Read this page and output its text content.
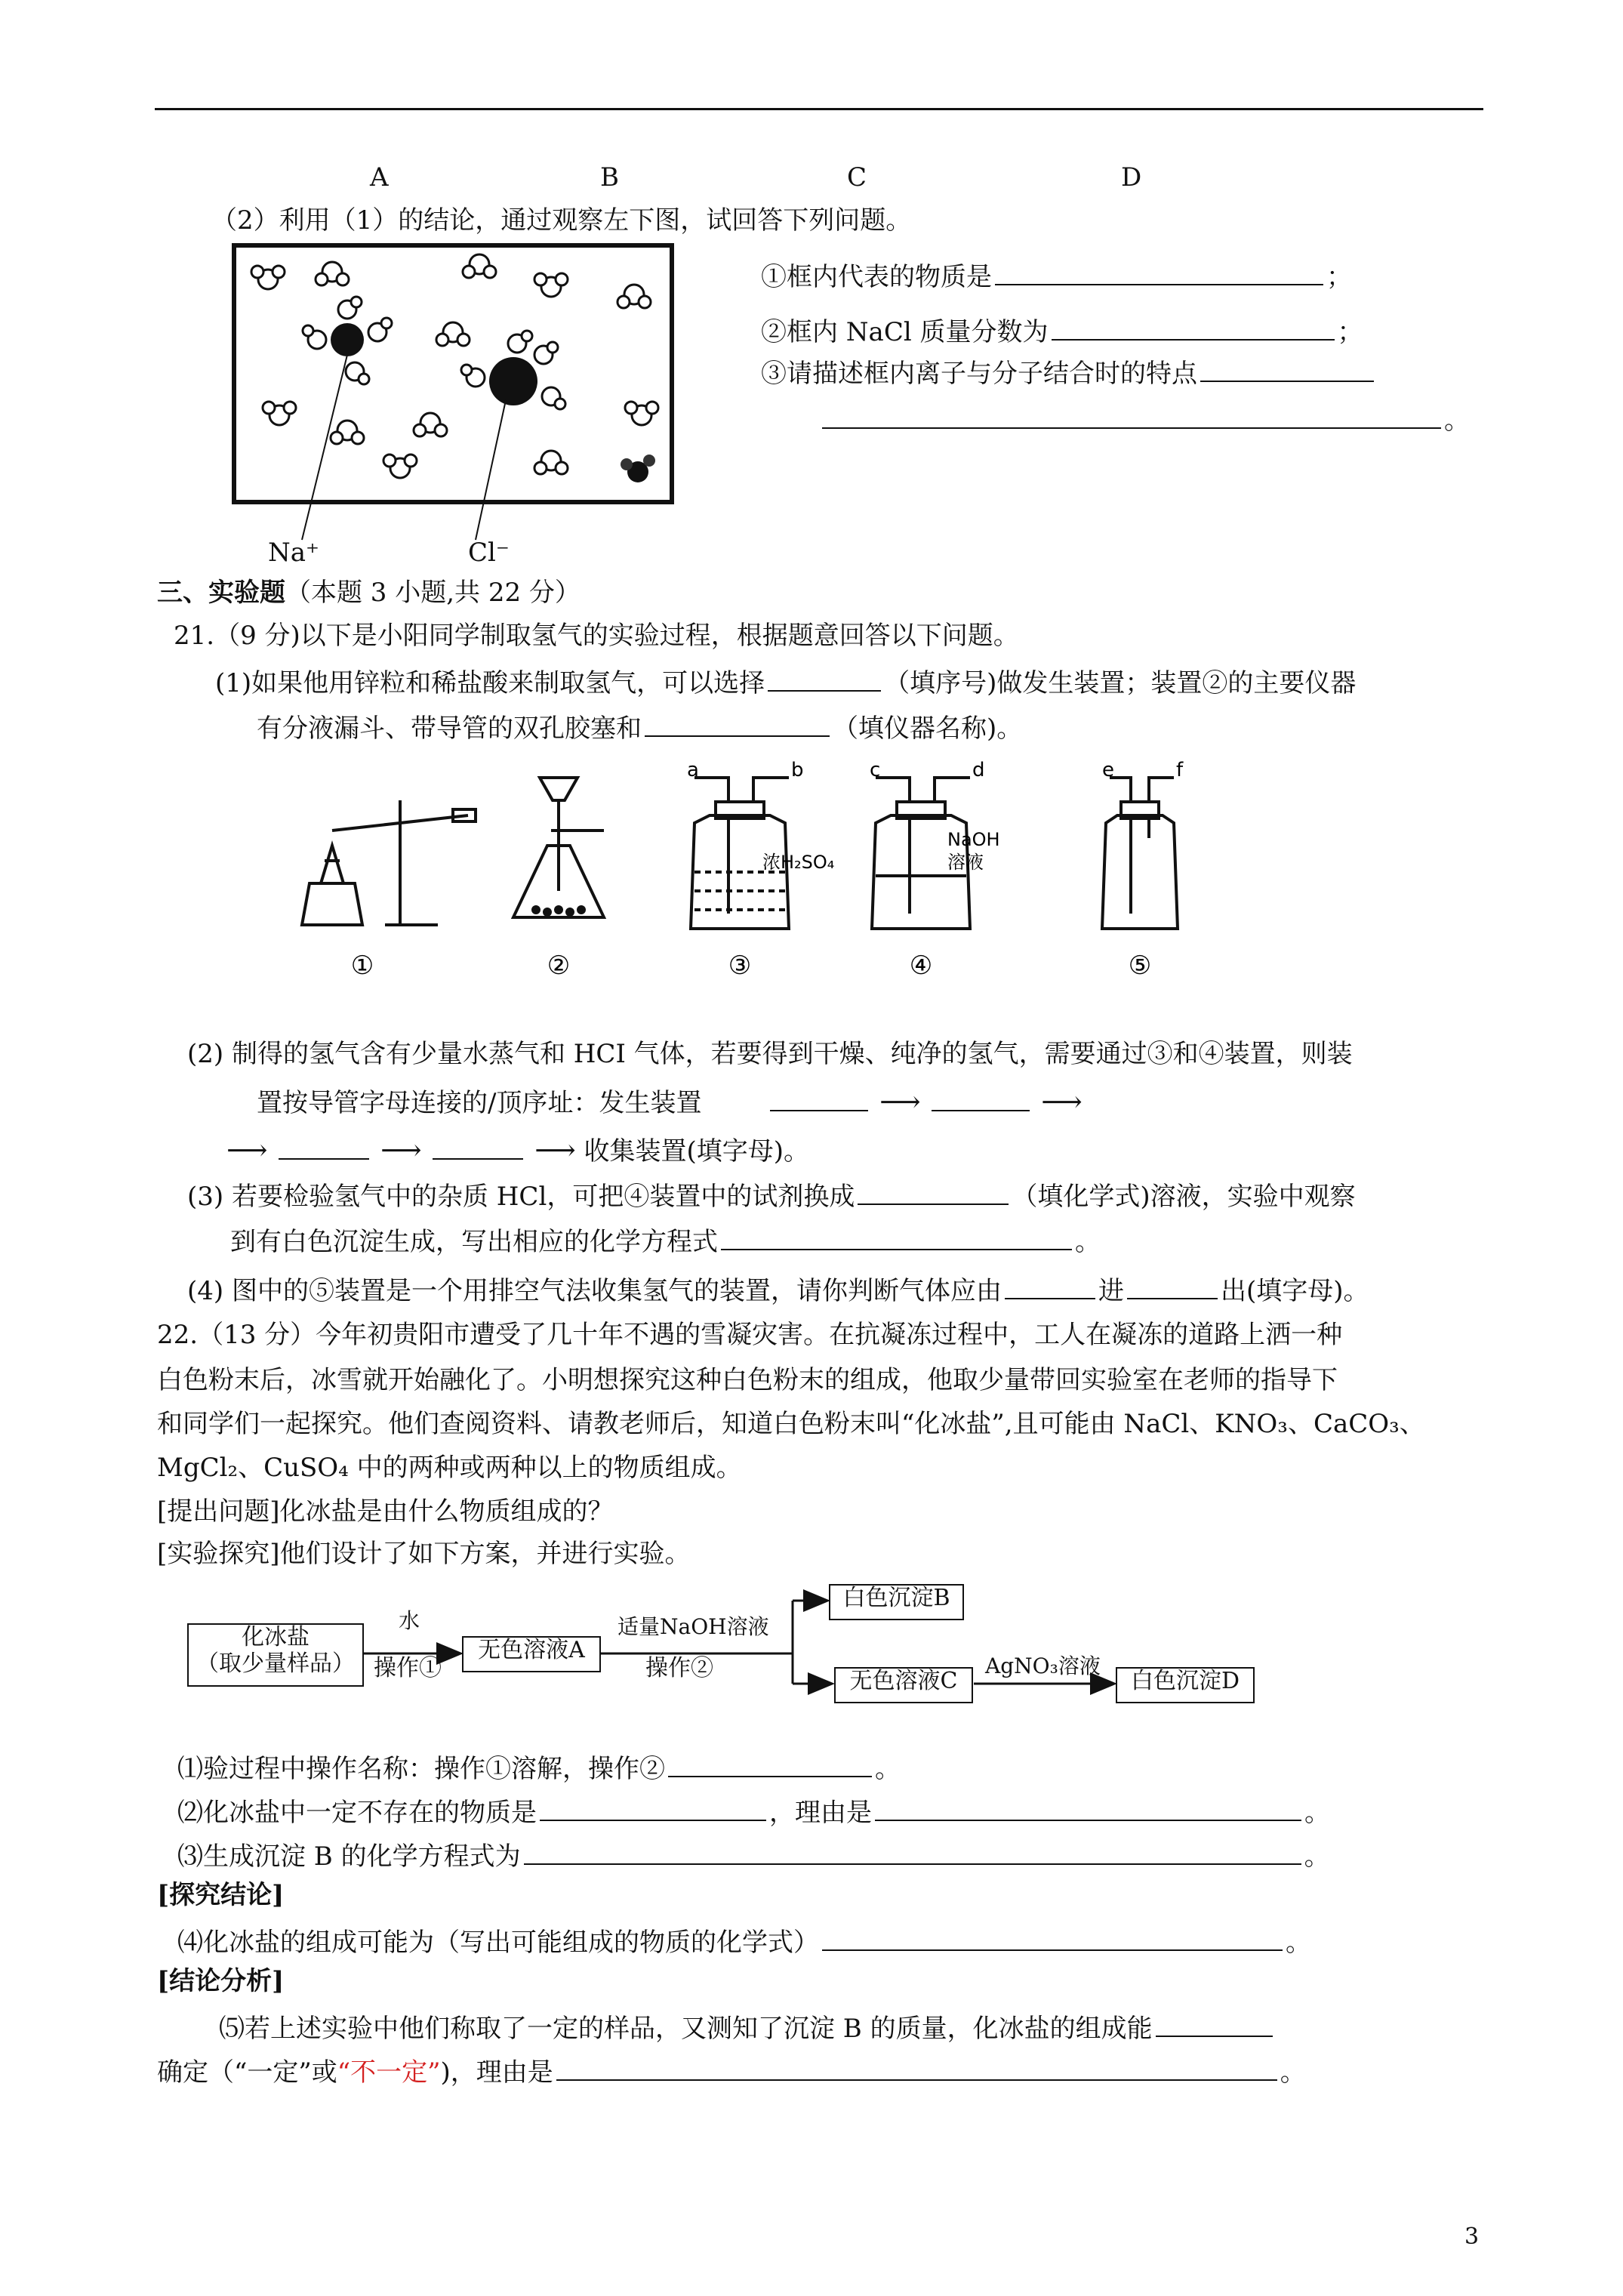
A	B	C	D
（2）利用（1）的结论，通过观察左下图，试回答下列问题。
Na⁺	Cl⁻
①框内代表的物质是	；
②框内 NaCl 质量分数为	；
③请描述框内离子与分子结合时的特点
。
三、实验题（本题 3 小题,共 22 分）
21.（9 分)以下是小阳同学制取氢气的实验过程，根据题意回答以下问题。
(1)如果他用锌粒和稀盐酸来制取氢气，可以选择	（填序号)做发生装置；装置②的主要仪器
有分液漏斗、带导管的双孔胶塞和	（填仪器名称)。
a	b	c	d	e	f
浓H₂SO₄
NaOH
溶液
①	②	③	④	⑤
(2) 制得的氢气含有少量水蒸气和 HCI 气体，若要得到干燥、纯净的氢气，需要通过③和④装置，则装
置按导管字母连接的∕顶序址：发生装置	⟶	⟶
⟶	⟶	⟶ 收集装置(填字母)。
(3) 若要检验氢气中的杂质 HCl，可把④装置中的试剂换成	（填化学式)溶液，实验中观察
到有白色沉淀生成，写出相应的化学方程式	。
(4) 图中的⑤装置是一个用排空气法收集氢气的装置，请你判断气体应由	进	出(填字母)。
22.（13 分）今年初贵阳市遭受了几十年不遇的雪凝灾害。在抗凝冻过程中，工人在凝冻的道路上洒一种
白色粉末后，冰雪就开始融化了。小明想探究这种白色粉末的组成，他取少量带回实验室在老师的指导下
和同学们一起探究。他们查阅资料、请教老师后，知道白色粉末叫“化冰盐”,且可能由 NaCl、KNO₃、CaCO₃、
MgCl₂、CuSO₄ 中的两种或两种以上的物质组成。
[提出问题]化冰盐是由什么物质组成的？
[实验探究]他们设计了如下方案，并进行实验。
化冰盐
（取少量样品）
水
操作①
无色溶液A
适量NaOH溶液
操作②
白色沉淀B
无色溶液C
AgNO₃溶液
白色沉淀D
⑴验过程中操作名称：操作①溶解，操作②	。
⑵化冰盐中一定不存在的物质是	，理由是	。
⑶生成沉淀 B 的化学方程式为	。
[探究结论]
⑷化冰盐的组成可能为（写出可能组成的物质的化学式）	。
[结论分析]
⑸若上述实验中他们称取了一定的样品，又测知了沉淀 B 的质量，化冰盐的组成能
确定（“一定”或“不一定”)，理由是	。
3
